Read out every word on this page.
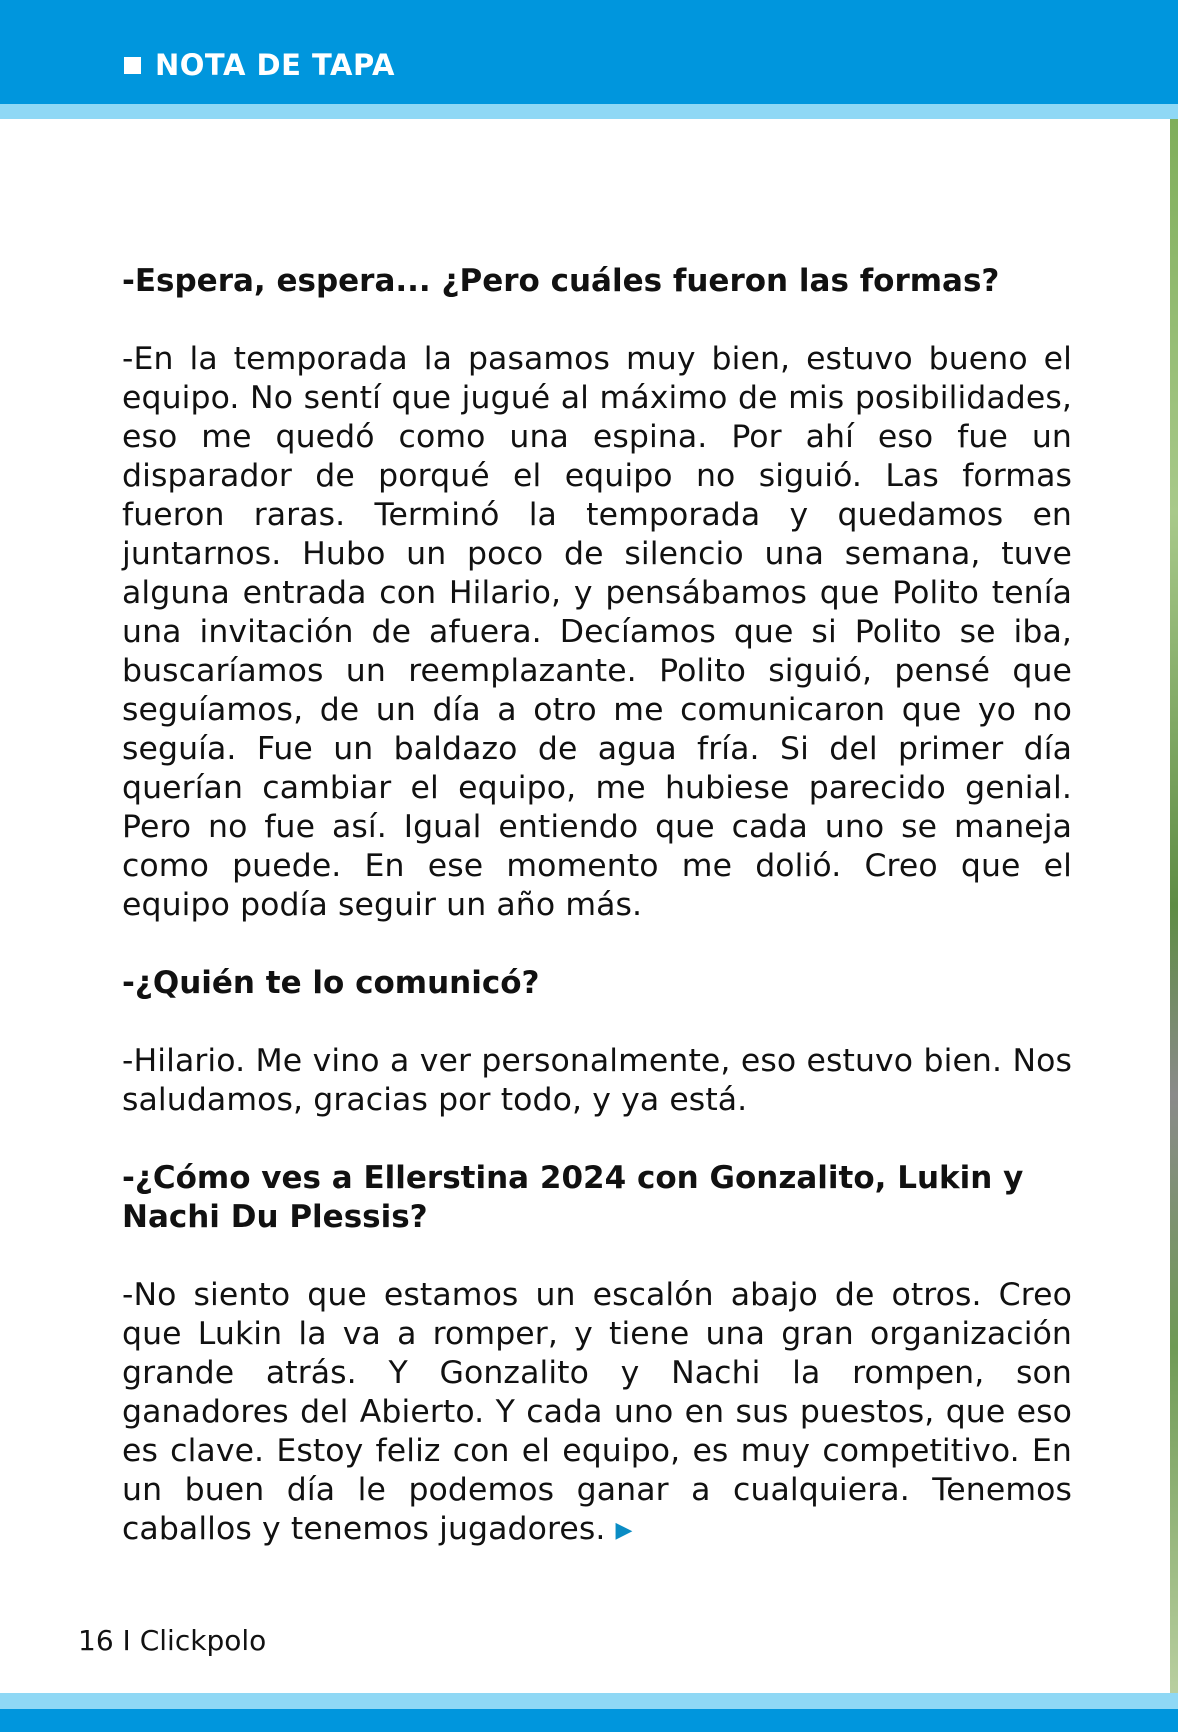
NOTA DE TAPA

-Espera, espera... ¿Pero cuáles fueron las formas?

-En la temporada la pasamos muy bien, estuvo bueno el equipo. No sentí que jugué al máximo de mis posibilidades, eso me quedó como una espina. Por ahí eso fue un disparador de porqué el equipo no siguió. Las formas fueron raras. Terminó la temporada y quedamos en juntarnos. Hubo un poco de silencio una semana, tuve alguna entrada con Hilario, y pensábamos que Polito tenía una invitación de afuera. Decíamos que si Polito se iba, buscaríamos un reemplazante. Polito siguió, pensé que seguíamos, de un día a otro me comunicaron que yo no seguía. Fue un baldazo de agua fría. Si del primer día querían cambiar el equipo, me hubiese parecido genial. Pero no fue así. Igual entiendo que cada uno se maneja como puede. En ese momento me dolió. Creo que el equipo podía seguir un año más.

-¿Quién te lo comunicó?

-Hilario. Me vino a ver personalmente, eso estuvo bien. Nos saludamos, gracias por todo, y ya está.

-¿Cómo ves a Ellerstina 2024 con Gonzalito, Lukin y Nachi Du Plessis?

-No siento que estamos un escalón abajo de otros. Creo que Lukin la va a romper, y tiene una gran organización grande atrás. Y Gonzalito y Nachi la rompen, son ganadores del Abierto. Y cada uno en sus puestos, que eso es clave. Estoy feliz con el equipo, es muy competitivo. En un buen día le podemos ganar a cualquiera. Tenemos caballos y tenemos jugadores. ▶

16 I Clickpolo
